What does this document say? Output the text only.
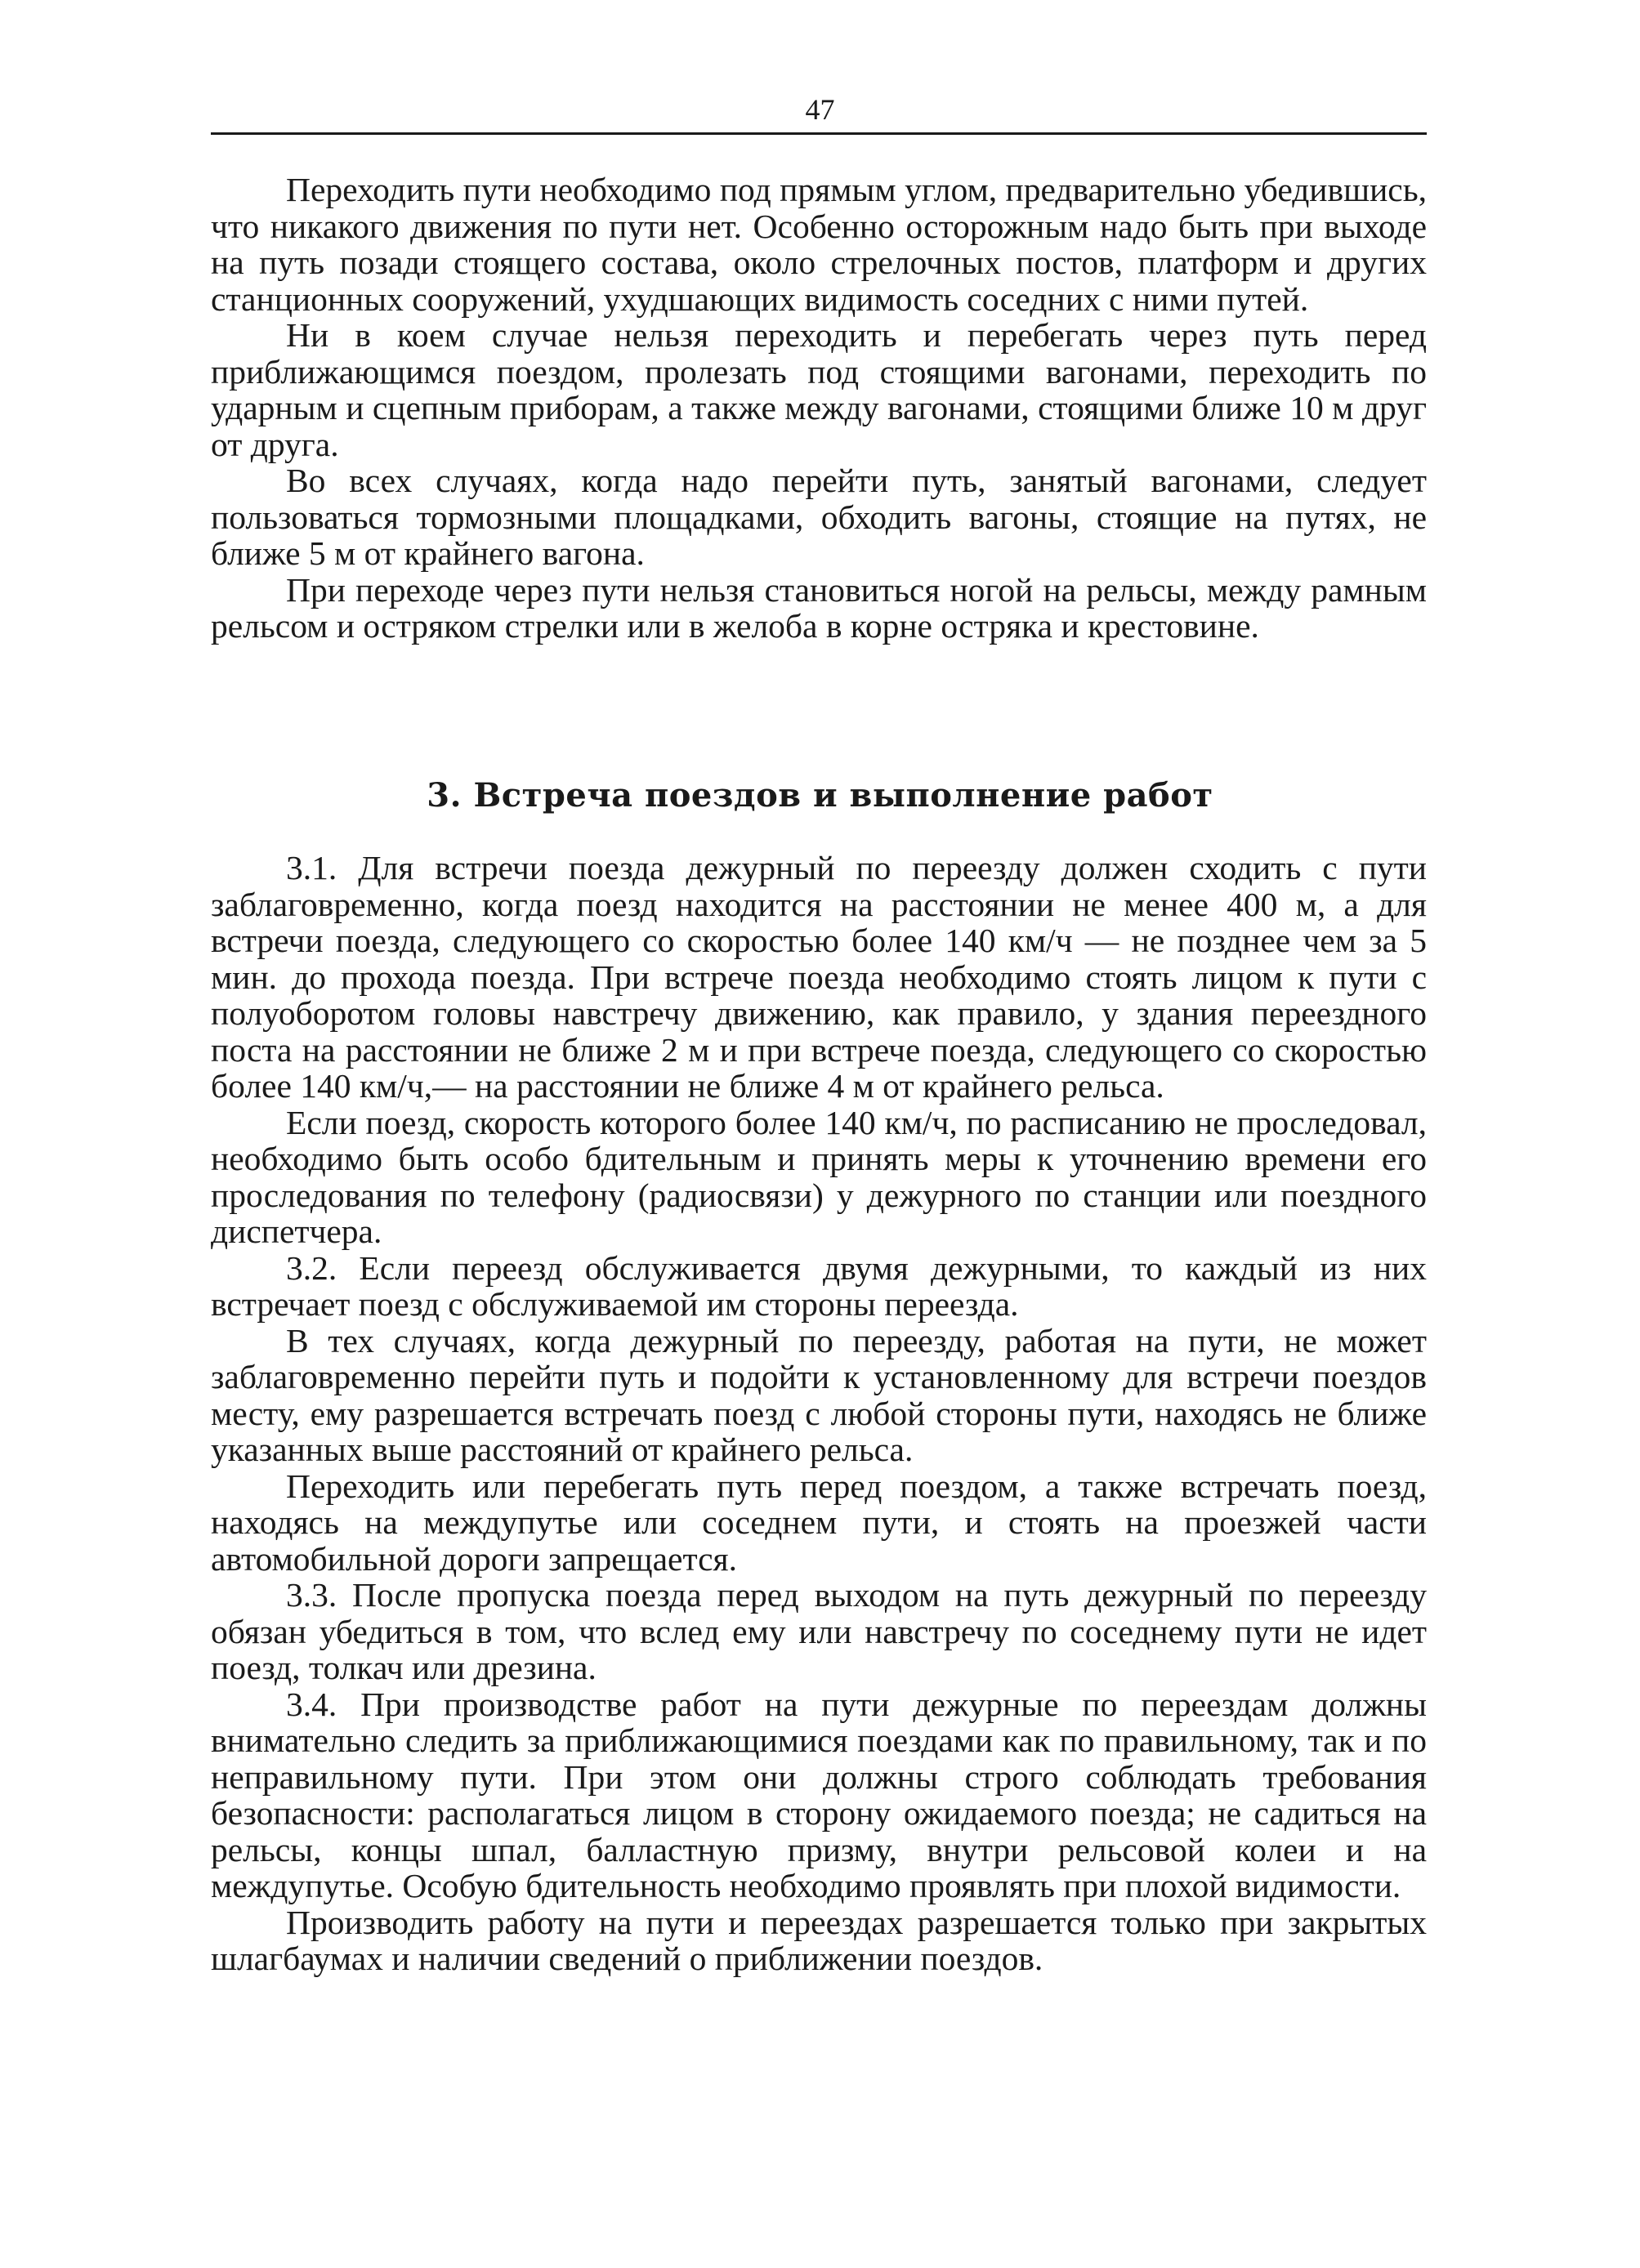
47

Переходить пути необходимо под прямым углом, предварительно убедившись, что никакого движения по пути нет. Особенно осторожным надо быть при выходе на путь позади стоящего состава, около стрелочных постов, платформ и других станционных сооружений, ухудшающих видимость соседних с ними путей.

Ни в коем случае нельзя переходить и перебегать через путь перед приближающимся поездом, пролезать под стоящими вагонами, переходить по ударным и сцепным приборам, а также между вагонами, стоящими ближе 10 м друг от друга.

Во всех случаях, когда надо перейти путь, занятый вагонами, следует пользоваться тормозными площадками, обходить вагоны, стоящие на путях, не ближе 5 м от крайнего вагона.

При переходе через пути нельзя становиться ногой на рельсы, между рамным рельсом и остряком стрелки или в желоба в корне остряка и крестовине.

3. Встреча поездов и выполнение работ

3.1. Для встречи поезда дежурный по переезду должен сходить с пути заблаговременно, когда поезд находится на расстоянии не менее 400 м, а для встречи поезда, следующего со скоростью более 140 км/ч — не позднее чем за 5 мин. до прохода поезда. При встрече поезда необходимо стоять лицом к пути с полуоборотом головы навстречу движению, как правило, у здания переездного поста на расстоянии не ближе 2 м и при встрече поезда, следующего со скоростью более 140 км/ч,— на расстоянии не ближе 4 м от крайнего рельса.

Если поезд, скорость которого более 140 км/ч, по расписанию не проследовал, необходимо быть особо бдительным и принять меры к уточнению времени его проследования по телефону (радиосвязи) у дежурного по станции или поездного диспетчера.

3.2. Если переезд обслуживается двумя дежурными, то каждый из них встречает поезд с обслуживаемой им стороны переезда.

В тех случаях, когда дежурный по переезду, работая на пути, не может заблаговременно перейти путь и подойти к установленному для встречи поездов месту, ему разрешается встречать поезд с любой стороны пути, находясь не ближе указанных выше расстояний от крайнего рельса.

Переходить или перебегать путь перед поездом, а также встречать поезд, находясь на междупутье или соседнем пути, и стоять на проезжей части автомобильной дороги запрещается.

3.3. После пропуска поезда перед выходом на путь дежурный по переезду обязан убедиться в том, что вслед ему или навстречу по соседнему пути не идет поезд, толкач или дрезина.

3.4. При производстве работ на пути дежурные по переездам должны внимательно следить за приближающимися поездами как по правильному, так и по неправильному пути. При этом они должны строго соблюдать требования безопасности: располагаться лицом в сторону ожидаемого поезда; не садиться на рельсы, концы шпал, балластную призму, внутри рельсовой колеи и на междупутье. Особую бдительность необходимо проявлять при плохой видимости.

Производить работу на пути и переездах разрешается только при закрытых шлагбаумах и наличии сведений о приближении поездов.
